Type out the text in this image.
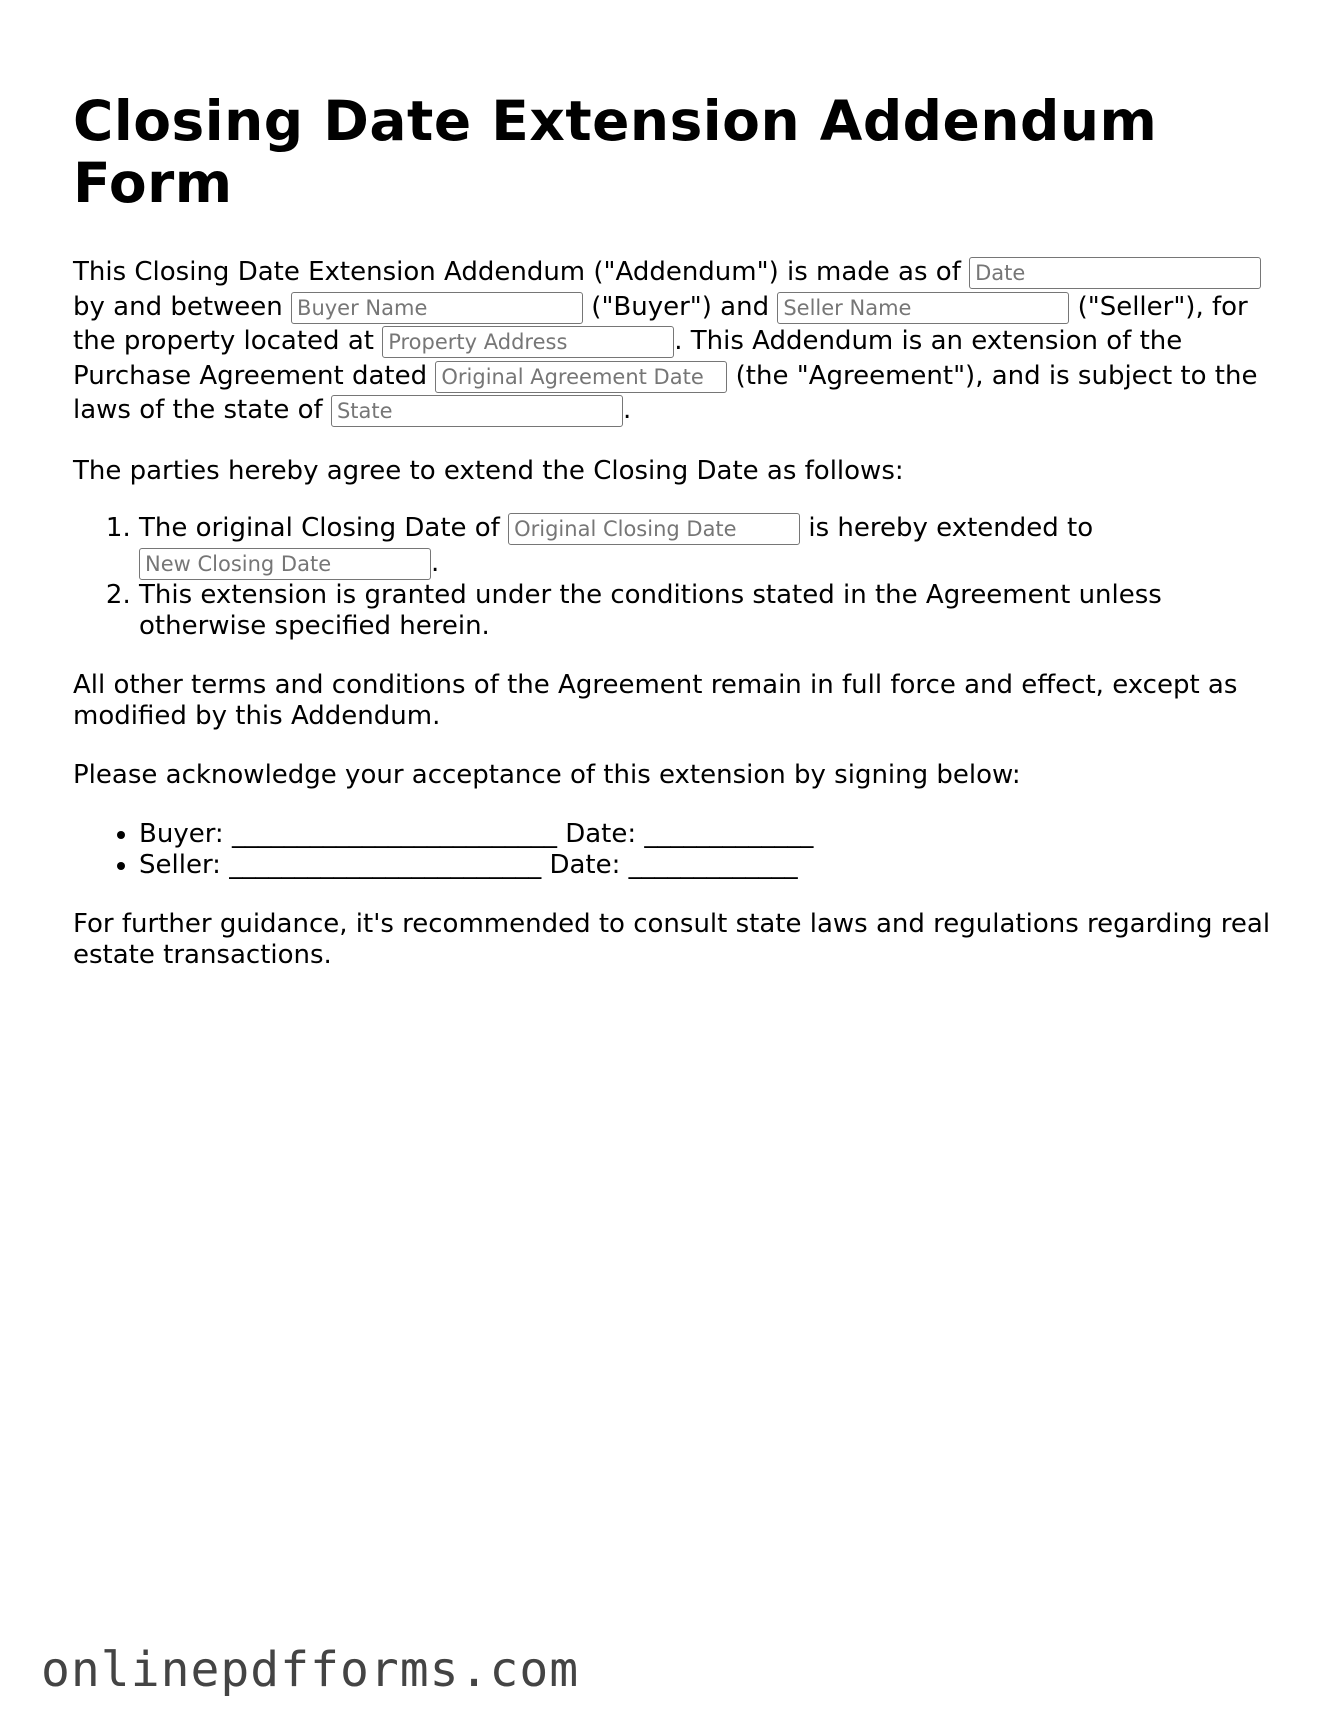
Closing Date Extension Addendum Form

This Closing Date Extension Addendum ("Addendum") is made as of Date by and between Buyer Name	("Buyer") and Seller Name	("Seller"), for the property located at Property Address	. This Addendum is an extension of the Purchase Agreement dated Original Agreement Date	(the "Agreement"), and is subject to the laws of the state of State	.

The parties hereby agree to extend the Closing Date as follows:

1. The original Closing Date of Original Closing Date	is hereby extended to New Closing Date.
2. This extension is granted under the conditions stated in the Agreement unless otherwise specified herein.

All other terms and conditions of the Agreement remain in full force and effect, except as modified by this Addendum.

Please acknowledge your acceptance of this extension by signing below:

• Buyer: _________________________ Date: _____________
• Seller: ________________________ Date: _____________

For further guidance, it's recommended to consult state laws and regulations regarding real estate transactions.

onlinepdfforms.com
